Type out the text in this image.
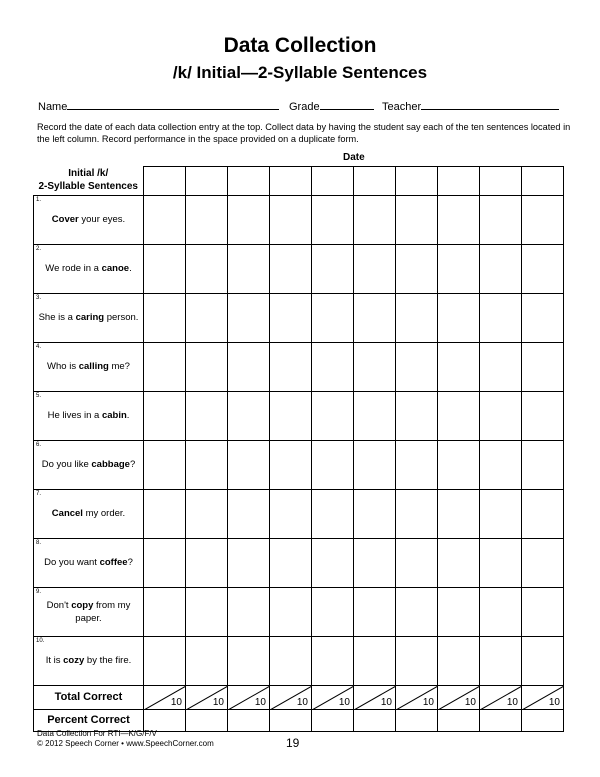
Data Collection
/k/ Initial—2-Syllable Sentences
Name	Grade	Teacher
Record the date of each data collection entry at the top. Collect data by having the student say each of the ten sentences located in the left column. Record performance in the space provided on a duplicate form.
Date
Initial /k/
2-Syllable Sentences										

1.
Cover your eyes.										

2.
We rode in a canoe.										

3.
She is a caring person.										

4.
Who is calling me?										

5.
He lives in a cabin.										

6.
Do you like cabbage?										

7.
Cancel my order.										

8.
Do you want coffee?										

9.
Don't copy from my paper.										

10.
It is cozy by the fire.										
Total Correct	10	10	10	10	10	10	10	10	10	10

Percent Correct										
Data Collection For RTI—K/G/F/V
© 2012 Speech Corner • www.SpeechCorner.com	19
